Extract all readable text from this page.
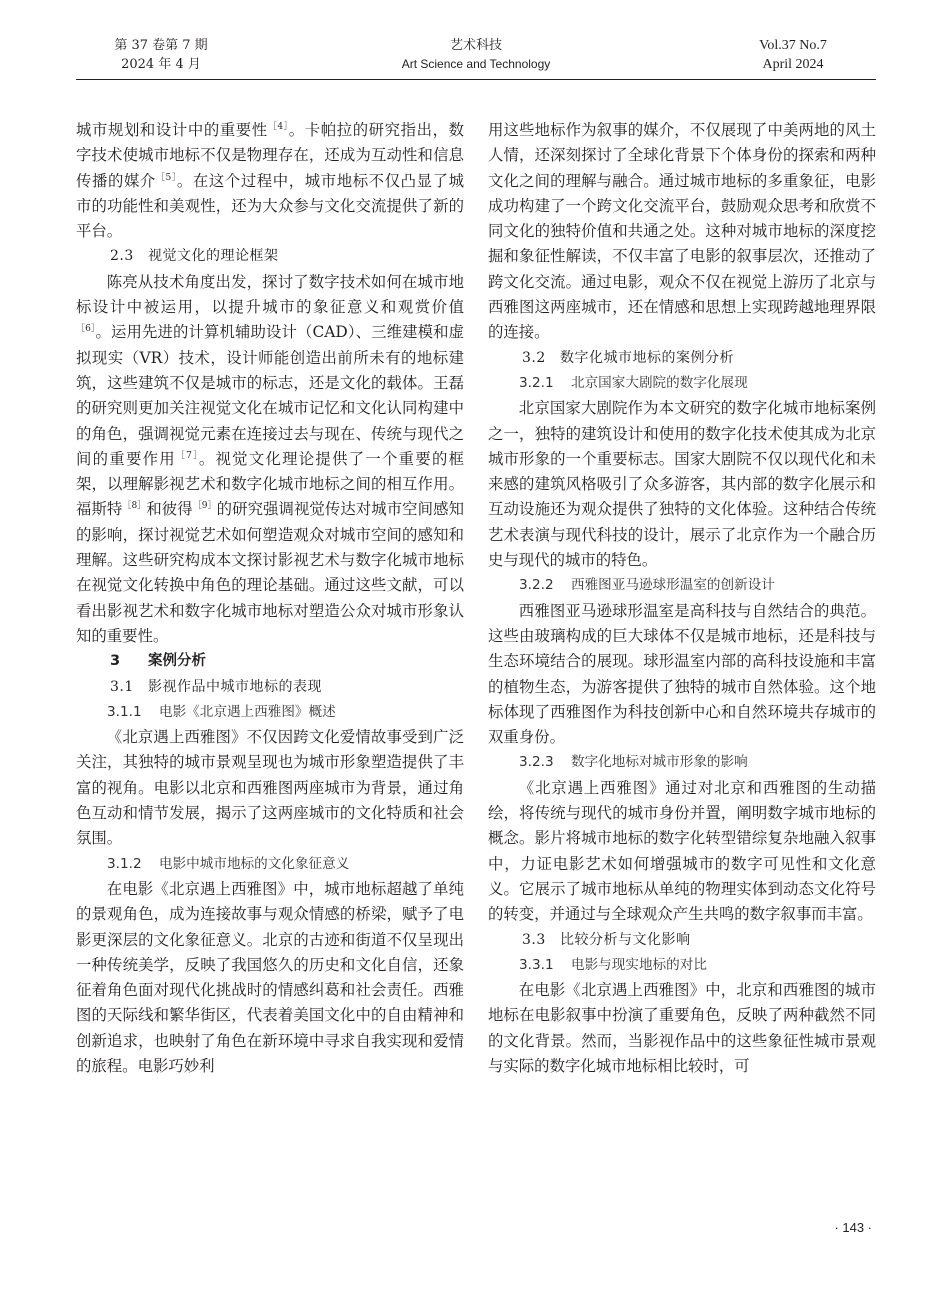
第 37 卷第 7 期
2024 年 4 月
艺术科技
Art Science and Technology
Vol.37 No.7
April 2024

城市规划和设计中的重要性$^{[4]}$。卡帕拉的研究指出，数字技术使城市地标不仅是物理存在，还成为互动性和信息传播的媒介$^{[5]}$。在这个过程中，城市地标不仅凸显了城市的功能性和美观性，还为大众参与文化交流提供了新的平台。

2.3 视觉文化的理论框架

陈亮从技术角度出发，探讨了数字技术如何在城市地标设计中被运用，以提升城市的象征意义和观赏价值$^{[6]}$。运用先进的计算机辅助设计（CAD）、三维建模和虚拟现实（VR）技术，设计师能创造出前所未有的地标建筑，这些建筑不仅是城市的标志，还是文化的载体。王磊的研究则更加关注视觉文化在城市记忆和文化认同构建中的角色，强调视觉元素在连接过去与现在、传统与现代之间的重要作用$^{[7]}$。视觉文化理论提供了一个重要的框架，以理解影视艺术和数字化城市地标之间的相互作用。福斯特$^{[8]}$和彼得$^{[9]}$的研究强调视觉传达对城市空间感知的影响，探讨视觉艺术如何塑造观众对城市空间的感知和理解。这些研究构成本文探讨影视艺术与数字化城市地标在视觉文化转换中角色的理论基础。通过这些文献，可以看出影视艺术和数字化城市地标对塑造公众对城市形象认知的重要性。

3 案例分析

3.1 影视作品中城市地标的表现

3.1.1 电影《北京遇上西雅图》概述

《北京遇上西雅图》不仅因跨文化爱情故事受到广泛关注，其独特的城市景观呈现也为城市形象塑造提供了丰富的视角。电影以北京和西雅图两座城市为背景，通过角色互动和情节发展，揭示了这两座城市的文化特质和社会氛围。

3.1.2 电影中城市地标的文化象征意义

在电影《北京遇上西雅图》中，城市地标超越了单纯的景观角色，成为连接故事与观众情感的桥梁，赋予了电影更深层的文化象征意义。北京的古迹和街道不仅呈现出一种传统美学，反映了我国悠久的历史和文化自信，还象征着角色面对现代化挑战时的情感纠葛和社会责任。西雅图的天际线和繁华街区，代表着美国文化中的自由精神和创新追求，也映射了角色在新环境中寻求自我实现和爱情的旅程。电影巧妙利

用这些地标作为叙事的媒介，不仅展现了中美两地的风土人情，还深刻探讨了全球化背景下个体身份的探索和两种文化之间的理解与融合。通过城市地标的多重象征，电影成功构建了一个跨文化交流平台，鼓励观众思考和欣赏不同文化的独特价值和共通之处。这种对城市地标的深度挖掘和象征性解读，不仅丰富了电影的叙事层次，还推动了跨文化交流。通过电影，观众不仅在视觉上游历了北京与西雅图这两座城市，还在情感和思想上实现跨越地理界限的连接。

3.2 数字化城市地标的案例分析

3.2.1 北京国家大剧院的数字化展现

北京国家大剧院作为本文研究的数字化城市地标案例之一，独特的建筑设计和使用的数字化技术使其成为北京城市形象的一个重要标志。国家大剧院不仅以现代化和未来感的建筑风格吸引了众多游客，其内部的数字化展示和互动设施还为观众提供了独特的文化体验。这种结合传统艺术表演与现代科技的设计，展示了北京作为一个融合历史与现代的城市的特色。

3.2.2 西雅图亚马逊球形温室的创新设计

西雅图亚马逊球形温室是高科技与自然结合的典范。这些由玻璃构成的巨大球体不仅是城市地标，还是科技与生态环境结合的展现。球形温室内部的高科技设施和丰富的植物生态，为游客提供了独特的城市自然体验。这个地标体现了西雅图作为科技创新中心和自然环境共存城市的双重身份。

3.2.3 数字化地标对城市形象的影响

《北京遇上西雅图》通过对北京和西雅图的生动描绘，将传统与现代的城市身份并置，阐明数字城市地标的概念。影片将城市地标的数字化转型错综复杂地融入叙事中，力证电影艺术如何增强城市的数字可见性和文化意义。它展示了城市地标从单纯的物理实体到动态文化符号的转变，并通过与全球观众产生共鸣的数字叙事而丰富。

3.3 比较分析与文化影响

3.3.1 电影与现实地标的对比

在电影《北京遇上西雅图》中，北京和西雅图的城市地标在电影叙事中扮演了重要角色，反映了两种截然不同的文化背景。然而，当影视作品中的这些象征性城市景观与实际的数字化城市地标相比较时，可

· 143 ·
